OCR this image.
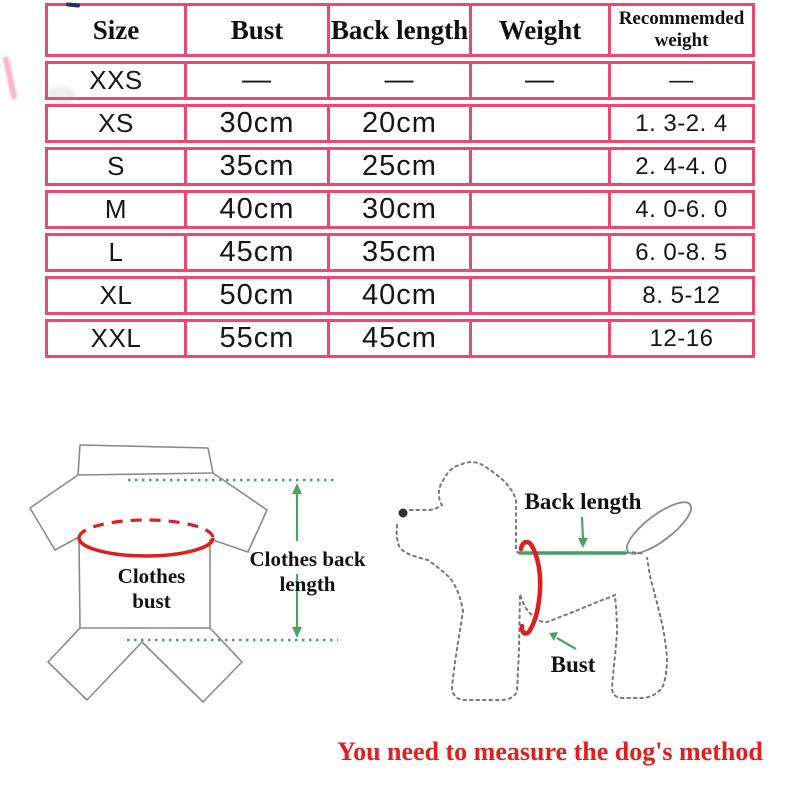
Size	Bust	Back length	Weight	Recommemded weight
XXS	—	—	—	—
XS	30cm	20cm		1. 3-2. 4
S	35cm	25cm		2. 4-4. 0
M	40cm	30cm		4. 0-6. 0
L	45cm	35cm		6. 0-8. 5
XL	50cm	40cm		8. 5-12
XXL	55cm	45cm		12-16
Clothes bust
Clothes back length
Back length
Bust
You need to measure the dog's method
